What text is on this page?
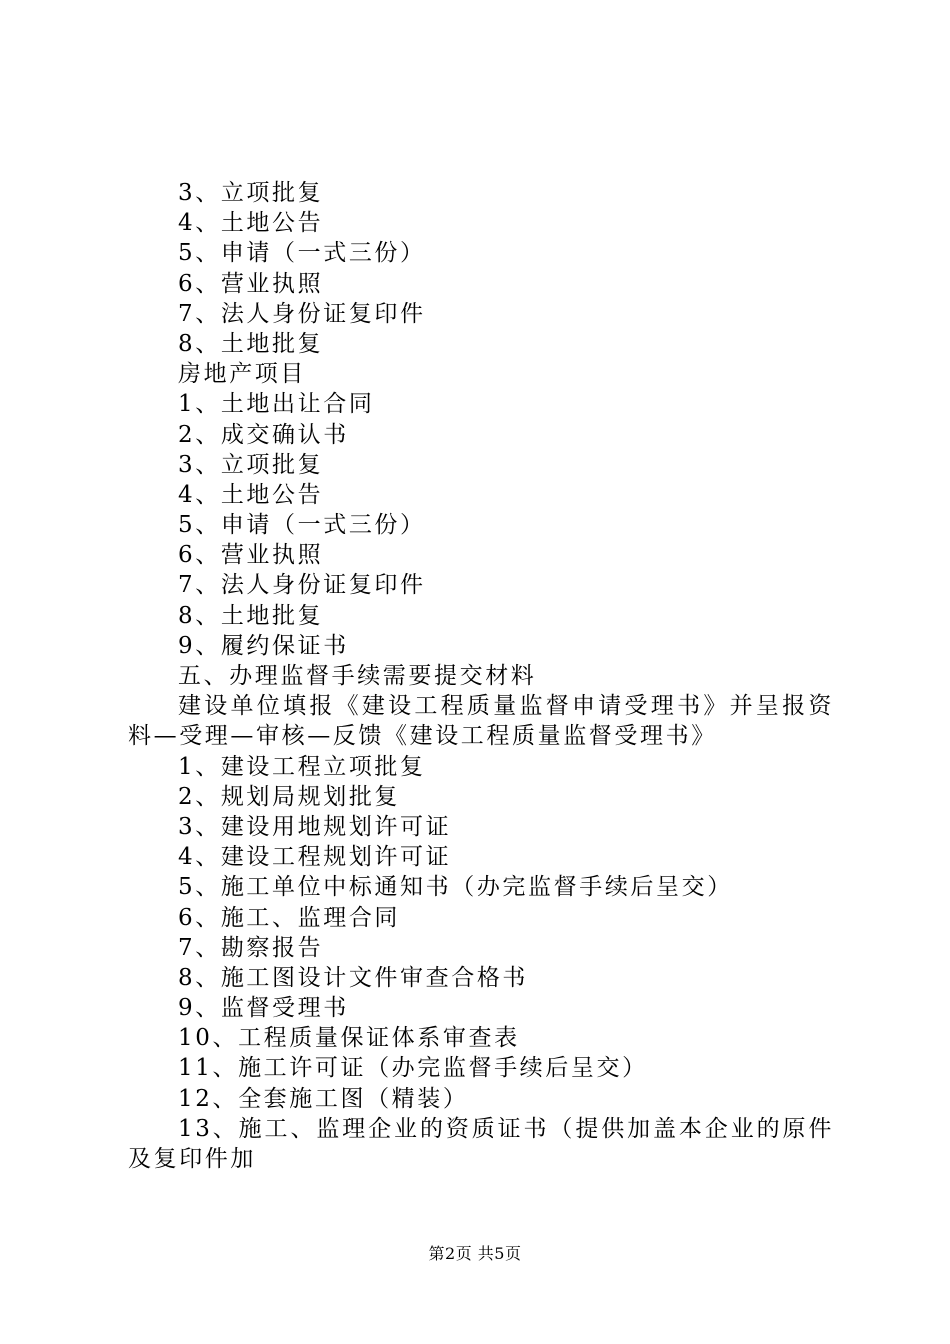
3、立项批复
4、土地公告
5、申请（一式三份）
6、营业执照
7、法人身份证复印件
8、土地批复
房地产项目
1、土地出让合同
2、成交确认书
3、立项批复
4、土地公告
5、申请（一式三份）
6、营业执照
7、法人身份证复印件
8、土地批复
9、履约保证书
五、办理监督手续需要提交材料
建设单位填报《建设工程质量监督申请受理书》并呈报资料—受理—审核—反馈《建设工程质量监督受理书》
1、建设工程立项批复
2、规划局规划批复
3、建设用地规划许可证
4、建设工程规划许可证
5、施工单位中标通知书（办完监督手续后呈交）
6、施工、监理合同
7、勘察报告
8、施工图设计文件审查合格书
9、监督受理书
10、工程质量保证体系审查表
11、施工许可证（办完监督手续后呈交）
12、全套施工图（精装）
13、施工、监理企业的资质证书（提供加盖本企业的原件及复印件加
第2页 共5页
